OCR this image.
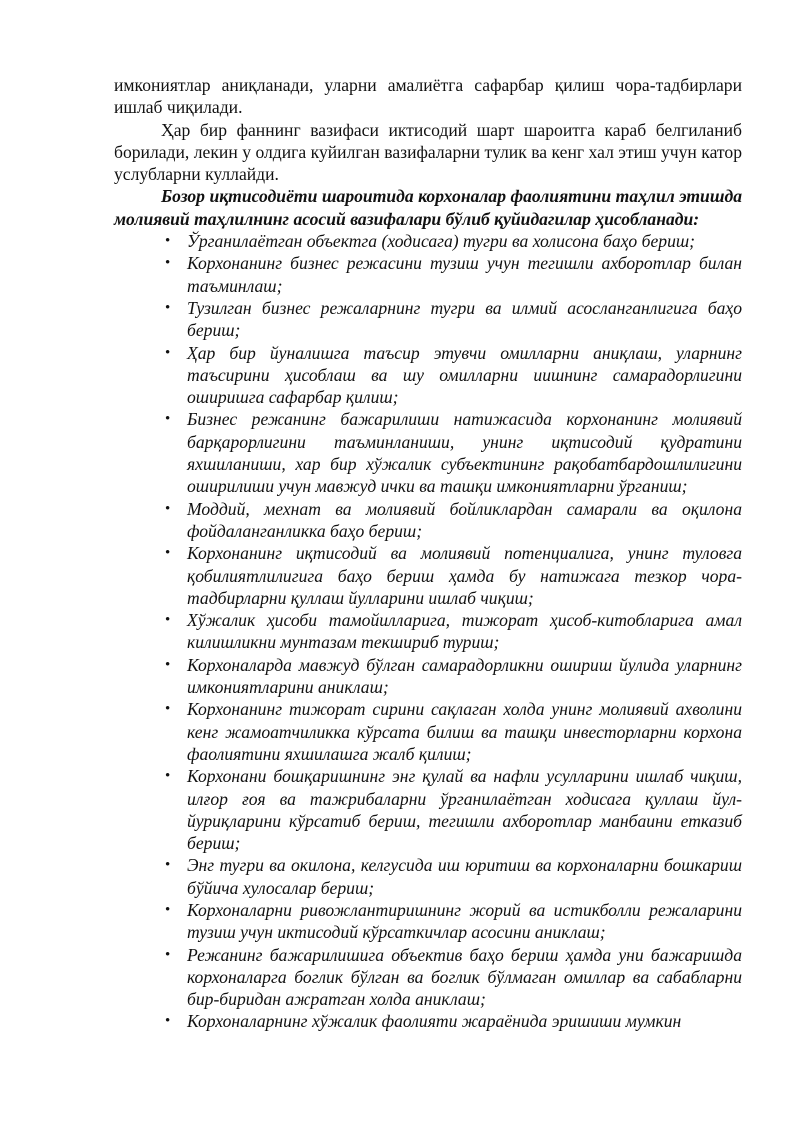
имкониятлар аниқланади, уларни амалиётга сафарбар қилиш чора-тадбирлари ишлаб чиқилади.

Ҳар бир фаннинг вазифаси иктисодий шарт шароитга караб белгиланиб борилади, лекин у олдига куйилган вазифаларни тулик ва кенг хал этиш учун катор услубларни куллайди.

Бозор иқтисодиёти шароитида корхоналар фаолиятини таҳлил этишда молиявий таҳлилнинг асосий вазифалари бўлиб қуйидагилар ҳисобланади:

• Ўрганилаётган объектга (ходисага) тугри ва холисона баҳо бериш;
• Корхонанинг бизнес режасини тузиш учун тегишли ахборотлар билан таъминлаш;
• Тузилган бизнес режаларнинг тугри ва илмий асосланганлигига баҳо бериш;
• Ҳар бир йуналишга таъсир этувчи омилларни аниқлаш, уларнинг таъсирини ҳисоблаш ва шу омилларни иишнинг самарадорлигини оширишга сафарбар қилиш;
• Бизнес режанинг бажарилиши натижасида корхонанинг молиявий барқарорлигини таъминланиши, унинг иқтисодий қудратини яхшиланиши, хар бир хўжалик субъектининг рақобатбардошлилигини оширилиши учун мавжуд ички ва ташқи имкониятларни ўрганиш;
• Моддий, мехнат ва молиявий бойликлардан самарали ва оқилона фойдаланганликка баҳо бериш;
• Корхонанинг иқтисодий ва молиявий потенциалига, унинг туловга қобилиятлилигига баҳо бериш ҳамда бу натижага тезкор чора-тадбирларни қуллаш йулларини ишлаб чиқиш;
• Хўжалик ҳисоби тамойилларига, тижорат ҳисоб-китобларига амал килишликни мунтазам текшириб туриш;
• Корхоналарда мавжуд бўлган самарадорликни ошириш йулида уларнинг имкониятларини аниклаш;
• Корхонанинг тижорат сирини сақлаган холда унинг молиявий ахволини кенг жамоатчиликка кўрсата билиш ва ташқи инвесторларни корхона фаолиятини яхшилашга жалб қилиш;
• Корхонани бошқаришнинг энг қулай ва нафли усулларини ишлаб чиқиш, илғор ғоя ва тажрибаларни ўрганилаётган ходисага қуллаш йул-йуриқларини кўрсатиб бериш, тегишли ахборотлар манбаини етказиб бериш;
• Энг тугри ва окилона, келгусида иш юритиш ва корхоналарни бошкариш бўйича хулосалар бериш;
• Корхоналарни ривожлантиришнинг жорий ва истикболли режаларини тузиш учун иктисодий кўрсаткичлар асосини аниклаш;
• Режанинг бажарилишига объектив баҳо бериш ҳамда уни бажаришда корхоналарга боглик бўлган ва боглик бўлмаган омиллар ва сабабларни бир-биридан ажратган холда аниклаш;
• Корхоналарнинг хўжалик фаолияти жараёнида эришиши мумкин
